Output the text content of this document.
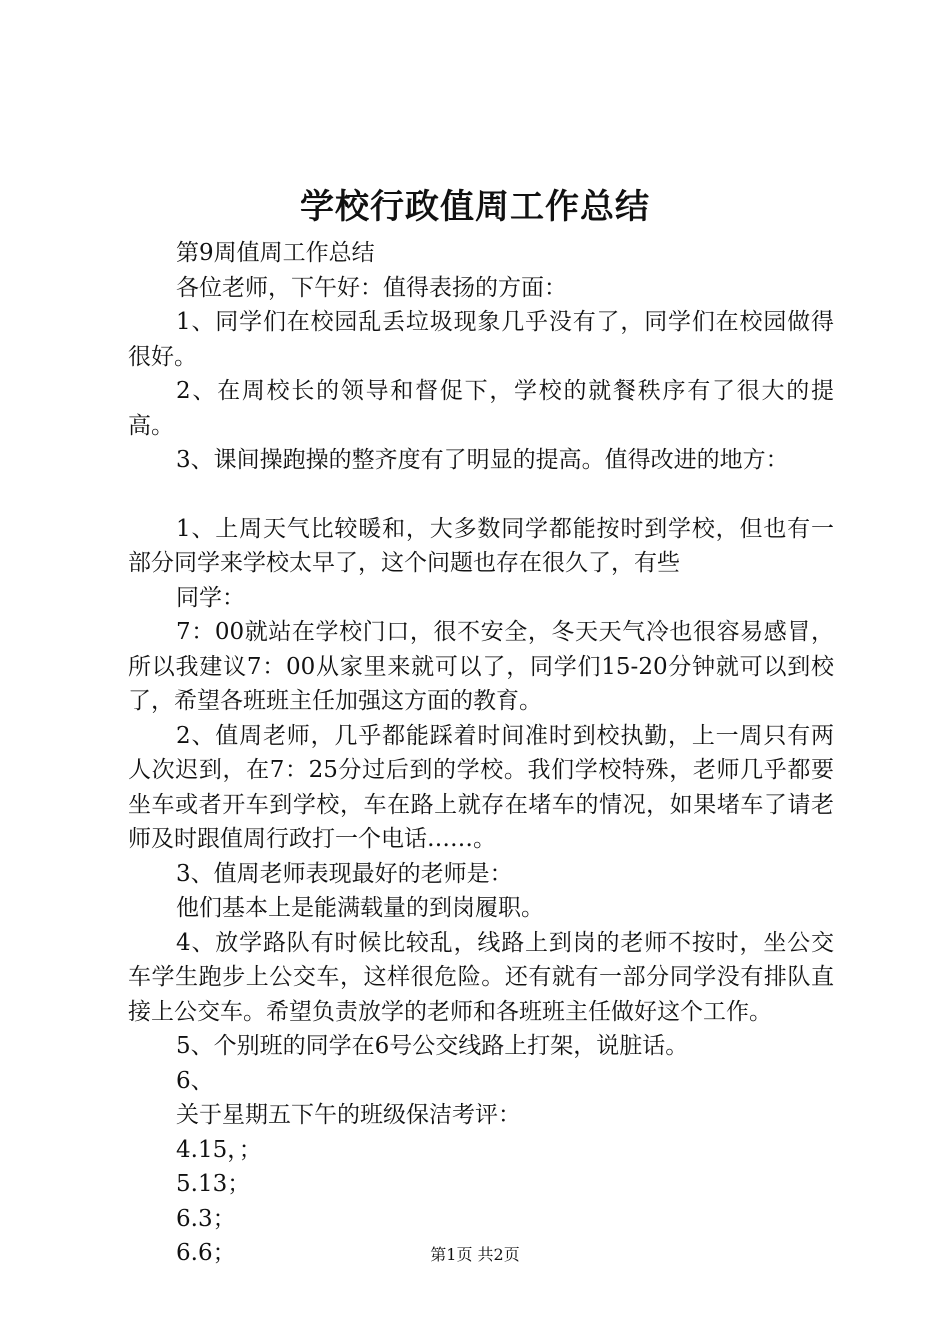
学校行政值周工作总结

第9周值周工作总结

各位老师，下午好：值得表扬的方面：

1、同学们在校园乱丢垃圾现象几乎没有了，同学们在校园做得很好。

2、在周校长的领导和督促下，学校的就餐秩序有了很大的提高。

3、课间操跑操的整齐度有了明显的提高。值得改进的地方：

1、上周天气比较暖和，大多数同学都能按时到学校，但也有一部分同学来学校太早了，这个问题也存在很久了，有些

同学：

7：00就站在学校门口，很不安全，冬天天气冷也很容易感冒，所以我建议7：00从家里来就可以了，同学们15-20分钟就可以到校了，希望各班班主任加强这方面的教育。

2、值周老师，几乎都能踩着时间准时到校执勤，上一周只有两人次迟到，在7：25分过后到的学校。我们学校特殊，老师几乎都要坐车或者开车到学校，车在路上就存在堵车的情况，如果堵车了请老师及时跟值周行政打一个电话……。

3、值周老师表现最好的老师是：

他们基本上是能满载量的到岗履职。

4、放学路队有时候比较乱，线路上到岗的老师不按时，坐公交车学生跑步上公交车，这样很危险。还有就有一部分同学没有排队直接上公交车。希望负责放学的老师和各班班主任做好这个工作。

5、个别班的同学在6号公交线路上打架，说脏话。

6、

关于星期五下午的班级保洁考评：

4.15，；

5.13；

6.3；

6.6；	第1页 共2页
